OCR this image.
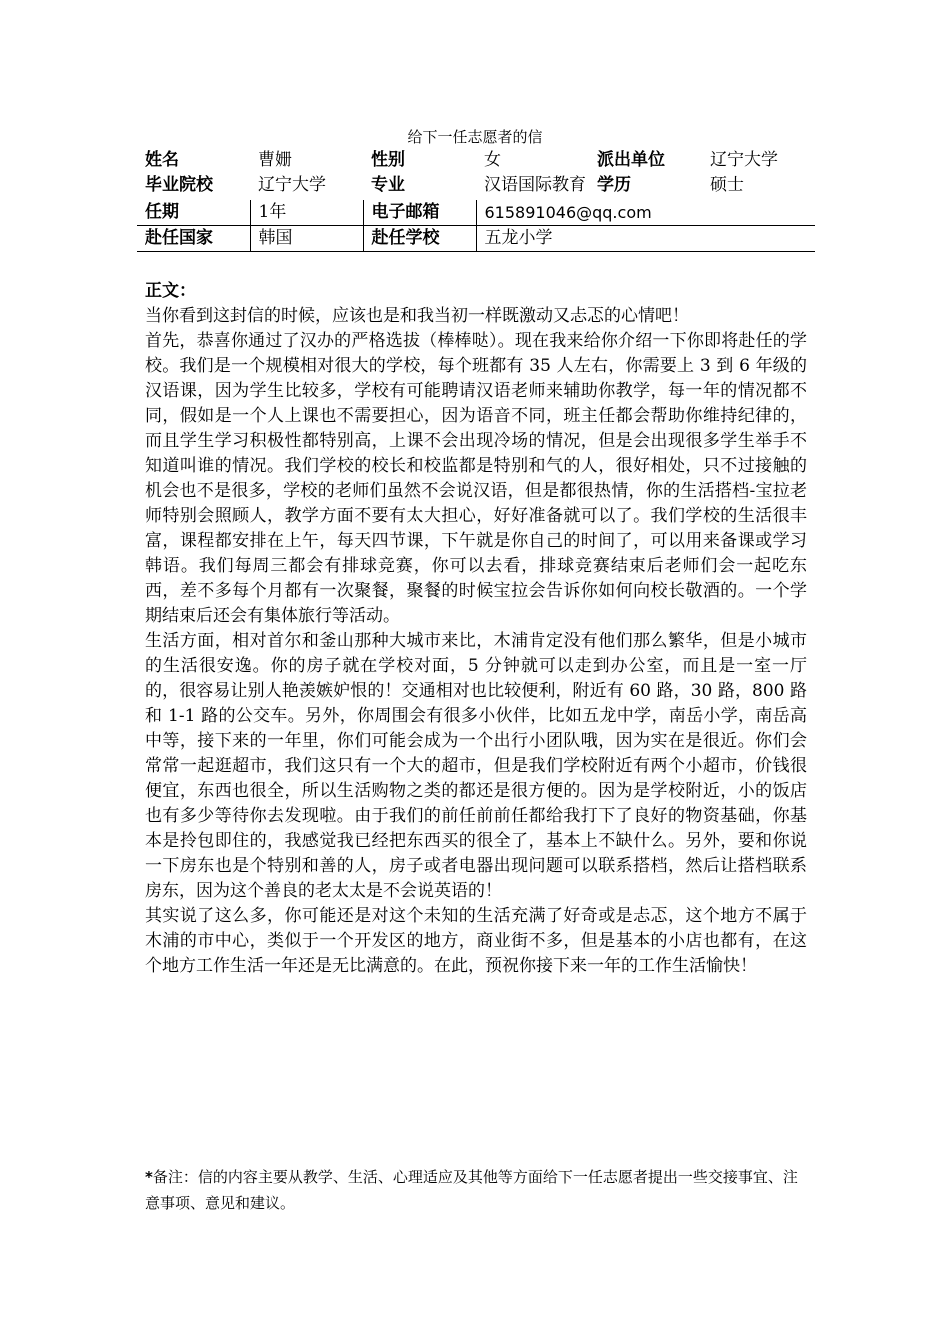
给下一任志愿者的信
姓名	曹姗	性别	女	派出单位	辽宁大学
毕业院校	辽宁大学	专业	汉语国际教育	学历	硕士
任期	1年	电子邮箱	615891046@qq.com		
赴任国家	韩国	赴任学校	五龙小学		

正文：

当你看到这封信的时候，应该也是和我当初一样既激动又忐忑的心情吧！

首先，恭喜你通过了汉办的严格选拔（棒棒哒）。现在我来给你介绍一下你即将赴任的学校。我们是一个规模相对很大的学校，每个班都有 35 人左右，你需要上 3 到 6 年级的汉语课，因为学生比较多，学校有可能聘请汉语老师来辅助你教学，每一年的情况都不同，假如是一个人上课也不需要担心，因为语音不同，班主任都会帮助你维持纪律的，而且学生学习积极性都特别高，上课不会出现冷场的情况，但是会出现很多学生举手不知道叫谁的情况。我们学校的校长和校监都是特别和气的人，很好相处，只不过接触的机会也不是很多，学校的老师们虽然不会说汉语，但是都很热情，你的生活搭档-宝拉老师特别会照顾人，教学方面不要有太大担心，好好准备就可以了。我们学校的生活很丰富，课程都安排在上午，每天四节课，下午就是你自己的时间了，可以用来备课或学习韩语。我们每周三都会有排球竞赛，你可以去看，排球竞赛结束后老师们会一起吃东西，差不多每个月都有一次聚餐，聚餐的时候宝拉会告诉你如何向校长敬酒的。一个学期结束后还会有集体旅行等活动。

生活方面，相对首尔和釜山那种大城市来比，木浦肯定没有他们那么繁华，但是小城市的生活很安逸。你的房子就在学校对面，5 分钟就可以走到办公室，而且是一室一厅的，很容易让别人艳羡嫉妒恨的！交通相对也比较便利，附近有 60 路，30 路，800 路和 1-1 路的公交车。另外，你周围会有很多小伙伴，比如五龙中学，南岳小学，南岳高中等，接下来的一年里，你们可能会成为一个出行小团队哦，因为实在是很近。你们会常常一起逛超市，我们这只有一个大的超市，但是我们学校附近有两个小超市，价钱很便宜，东西也很全，所以生活购物之类的都还是很方便的。因为是学校附近，小的饭店也有多少等待你去发现啦。由于我们的前任前前任都给我打下了良好的物资基础，你基本是拎包即住的，我感觉我已经把东西买的很全了，基本上不缺什么。另外，要和你说一下房东也是个特别和善的人，房子或者电器出现问题可以联系搭档，然后让搭档联系房东，因为这个善良的老太太是不会说英语的！

其实说了这么多，你可能还是对这个未知的生活充满了好奇或是忐忑，这个地方不属于木浦的市中心，类似于一个开发区的地方，商业街不多，但是基本的小店也都有，在这个地方工作生活一年还是无比满意的。在此，预祝你接下来一年的工作生活愉快！

*备注：信的内容主要从教学、生活、心理适应及其他等方面给下一任志愿者提出一些交接事宜、注意事项、意见和建议。
